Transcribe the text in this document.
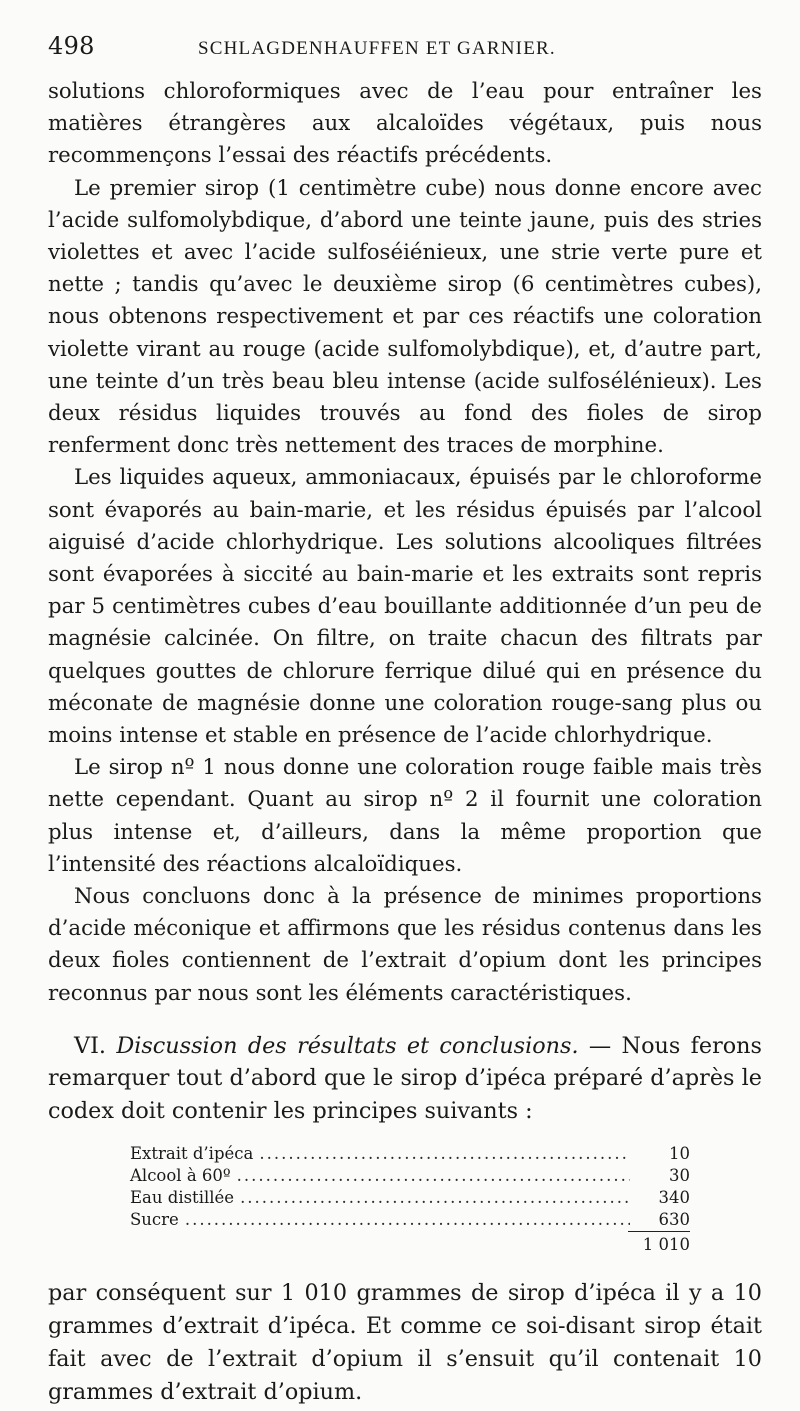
498	SCHLAGDENHAUFFEN ET GARNIER.

solutions chloroformiques avec de l’eau pour entraîner les matières étrangères aux alcaloïdes végétaux, puis nous recommençons l’essai des réactifs précédents.

Le premier sirop (1 centimètre cube) nous donne encore avec l’acide sulfomolybdique, d’abord une teinte jaune, puis des stries violettes et avec l’acide sulfoséiénieux, une strie verte pure et nette ; tandis qu’avec le deuxième sirop (6 centimètres cubes), nous obtenons respectivement et par ces réactifs une coloration violette virant au rouge (acide sulfomolybdique), et, d’autre part, une teinte d’un très beau bleu intense (acide sulfosélénieux). Les deux résidus liquides trouvés au fond des fioles de sirop renferment donc très nettement des traces de morphine.

Les liquides aqueux, ammoniacaux, épuisés par le chloroforme sont évaporés au bain-marie, et les résidus épuisés par l’alcool aiguisé d’acide chlorhydrique. Les solutions alcooliques filtrées sont évaporées à siccité au bain-marie et les extraits sont repris par 5 centimètres cubes d’eau bouillante additionnée d’un peu de magnésie calcinée. On filtre, on traite chacun des filtrats par quelques gouttes de chlorure ferrique dilué qui en présence du méconate de magnésie donne une coloration rouge-sang plus ou moins intense et stable en présence de l’acide chlorhydrique.

Le sirop nº 1 nous donne une coloration rouge faible mais très nette cependant. Quant au sirop nº 2 il fournit une coloration plus intense et, d’ailleurs, dans la même proportion que l’intensité des réactions alcaloïdiques.

Nous concluons donc à la présence de minimes proportions d’acide méconique et affirmons que les résidus contenus dans les deux fioles contiennent de l’extrait d’opium dont les principes reconnus par nous sont les éléments caractéristiques.

VI. Discussion des résultats et conclusions. — Nous ferons remarquer tout d’abord que le sirop d’ipéca préparé d’après le codex doit contenir les principes suivants :

Extrait d’ipéca .....	10
Alcool à 60º .....	30
Eau distillée .....	340
Sucre .....	630
1 010

par conséquent sur 1 010 grammes de sirop d’ipéca il y a 10 grammes d’extrait d’ipéca. Et comme ce soi-disant sirop était fait avec de l’extrait d’opium il s’ensuit qu’il contenait 10 grammes d’extrait d’opium.
